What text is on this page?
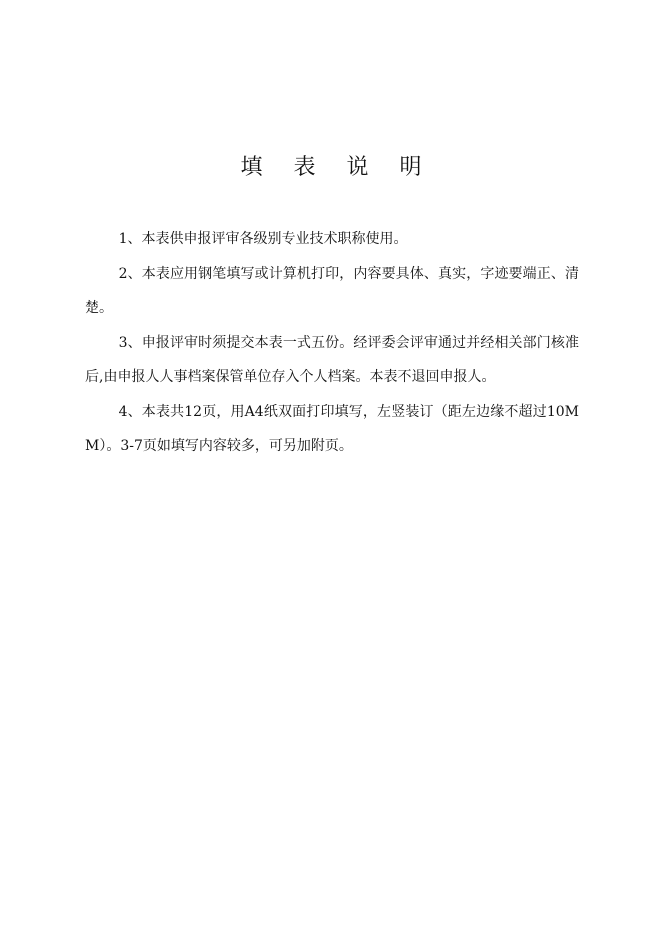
填 表 说 明

1、本表供申报评审各级别专业技术职称使用。

2、本表应用钢笔填写或计算机打印，内容要具体、真实，字迹要端正、清楚。

3、申报评审时须提交本表一式五份。经评委会评审通过并经相关部门核准后,由申报人人事档案保管单位存入个人档案。本表不退回申报人。

4、本表共12页，用A4纸双面打印填写，左竖装订（距左边缘不超过10MM）。3-7页如填写内容较多，可另加附页。
